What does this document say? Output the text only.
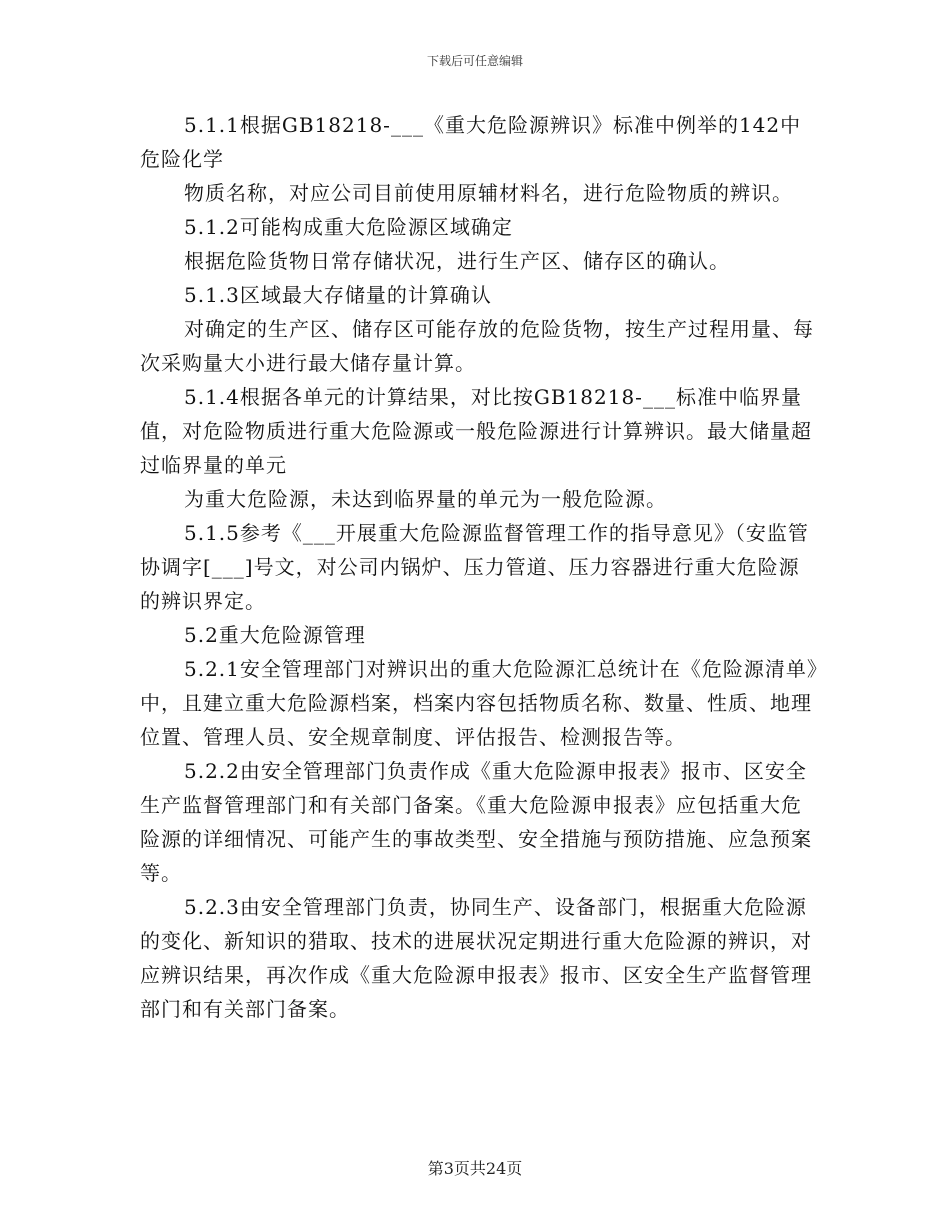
下载后可任意编辑

5.1.1根据GB18218-___《重大危险源辨识》标准中例举的142中危险化学

物质名称，对应公司目前使用原辅材料名，进行危险物质的辨识。

5.1.2可能构成重大危险源区域确定

根据危险货物日常存储状况，进行生产区、储存区的确认。

5.1.3区域最大存储量的计算确认

对确定的生产区、储存区可能存放的危险货物，按生产过程用量、每次采购量大小进行最大储存量计算。

5.1.4根据各单元的计算结果，对比按GB18218-___标准中临界量值，对危险物质进行重大危险源或一般危险源进行计算辨识。最大储量超过临界量的单元

为重大危险源，未达到临界量的单元为一般危险源。

5.1.5参考《___开展重大危险源监督管理工作的指导意见》（安监管协调字[___]号文，对公司内锅炉、压力管道、压力容器进行重大危险源的辨识界定。

5.2重大危险源管理

5.2.1安全管理部门对辨识出的重大危险源汇总统计在《危险源清单》中，且建立重大危险源档案，档案内容包括物质名称、数量、性质、地理位置、管理人员、安全规章制度、评估报告、检测报告等。

5.2.2由安全管理部门负责作成《重大危险源申报表》报市、区安全生产监督管理部门和有关部门备案。《重大危险源申报表》应包括重大危险源的详细情况、可能产生的事故类型、安全措施与预防措施、应急预案等。

5.2.3由安全管理部门负责，协同生产、设备部门，根据重大危险源的变化、新知识的猎取、技术的进展状况定期进行重大危险源的辨识，对应辨识结果，再次作成《重大危险源申报表》报市、区安全生产监督管理部门和有关部门备案。

第3页共24页
